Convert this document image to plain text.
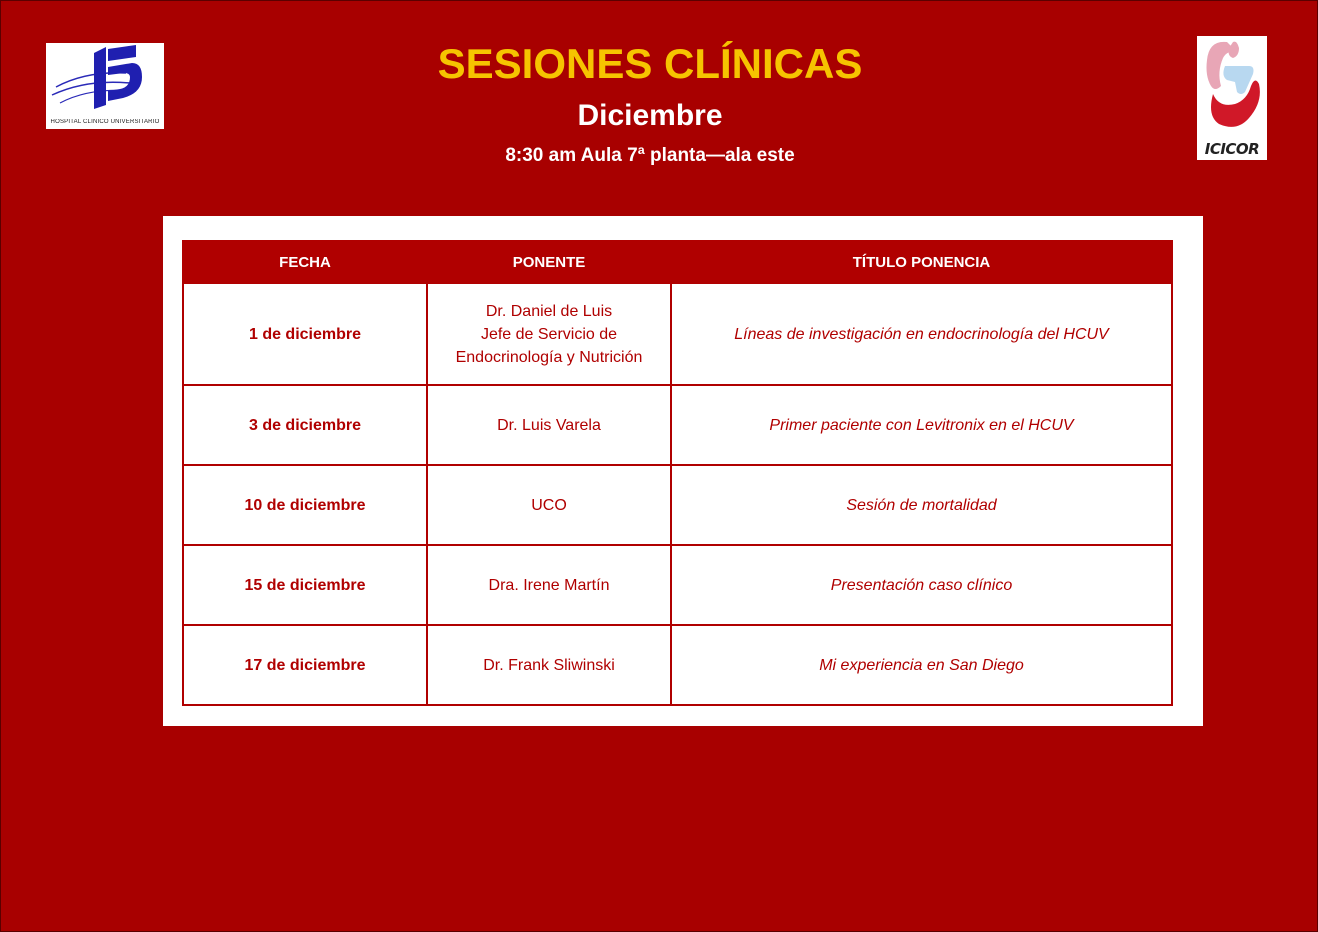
HOSPITAL CLINICO UNIVERSITARIO
ICICOR
SESIONES CLÍNICAS
Diciembre
8:30 am Aula 7ª planta—ala este
FECHA	PONENTE	TÍTULO PONENCIA
1 de diciembre	Dr. Daniel de Luis
Jefe de Servicio de
Endocrinología y Nutrición	Líneas de investigación en endocrinología del HCUV
3 de diciembre	Dr. Luis Varela	Primer paciente con Levitronix en el HCUV
10 de diciembre	UCO	Sesión de mortalidad
15 de diciembre	Dra. Irene Martín	Presentación caso clínico
17 de diciembre	Dr. Frank Sliwinski	Mi experiencia en San Diego
